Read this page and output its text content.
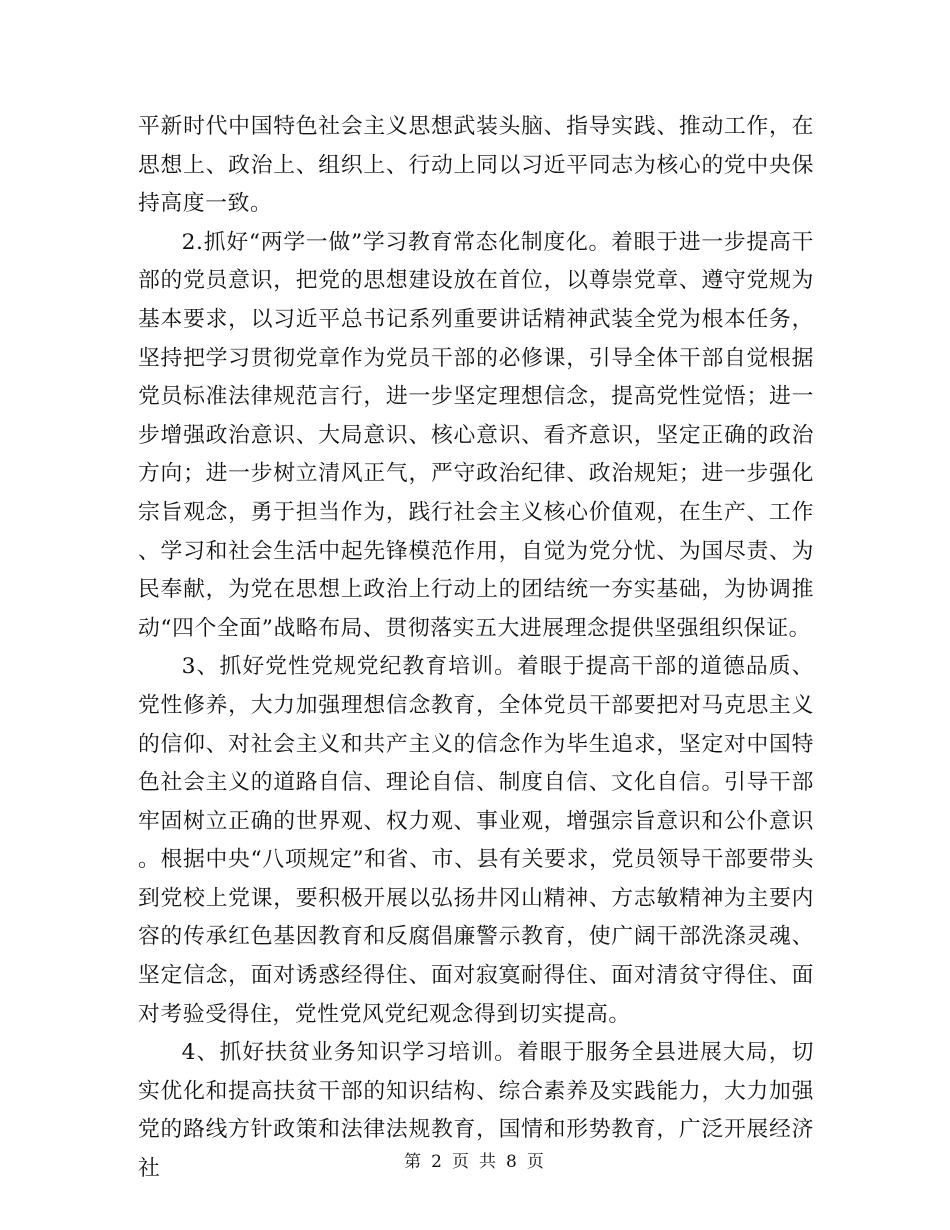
平新时代中国特色社会主义思想武装头脑、指导实践、推动工作，在思想上、政治上、组织上、行动上同以习近平同志为核心的党中央保持高度一致。

2.抓好“两学一做”学习教育常态化制度化。着眼于进一步提高干部的党员意识，把党的思想建设放在首位，以尊崇党章、遵守党规为基本要求，以习近平总书记系列重要讲话精神武装全党为根本任务，坚持把学习贯彻党章作为党员干部的必修课，引导全体干部自觉根据党员标准法律规范言行，进一步坚定理想信念，提高党性觉悟；进一步增强政治意识、大局意识、核心意识、看齐意识，坚定正确的政治方向；进一步树立清风正气，严守政治纪律、政治规矩；进一步强化宗旨观念，勇于担当作为，践行社会主义核心价值观，在生产、工作、学习和社会生活中起先锋模范作用，自觉为党分忧、为国尽责、为民奉献，为党在思想上政治上行动上的团结统一夯实基础，为协调推动“四个全面”战略布局、贯彻落实五大进展理念提供坚强组织保证。

3、抓好党性党规党纪教育培训。着眼于提高干部的道德品质、党性修养，大力加强理想信念教育，全体党员干部要把对马克思主义的信仰、对社会主义和共产主义的信念作为毕生追求，坚定对中国特色社会主义的道路自信、理论自信、制度自信、文化自信。引导干部牢固树立正确的世界观、权力观、事业观，增强宗旨意识和公仆意识。根据中央“八项规定”和省、市、县有关要求，党员领导干部要带头到党校上党课，要积极开展以弘扬井冈山精神、方志敏精神为主要内容的传承红色基因教育和反腐倡廉警示教育，使广阔干部洗涤灵魂、坚定信念，面对诱惑经得住、面对寂寞耐得住、面对清贫守得住、面对考验受得住，党性党风党纪观念得到切实提高。

4、抓好扶贫业务知识学习培训。着眼于服务全县进展大局，切实优化和提高扶贫干部的知识结构、综合素养及实践能力，大力加强党的路线方针政策和法律法规教育，国情和形势教育，广泛开展经济社	第 2 页 共 8 页
